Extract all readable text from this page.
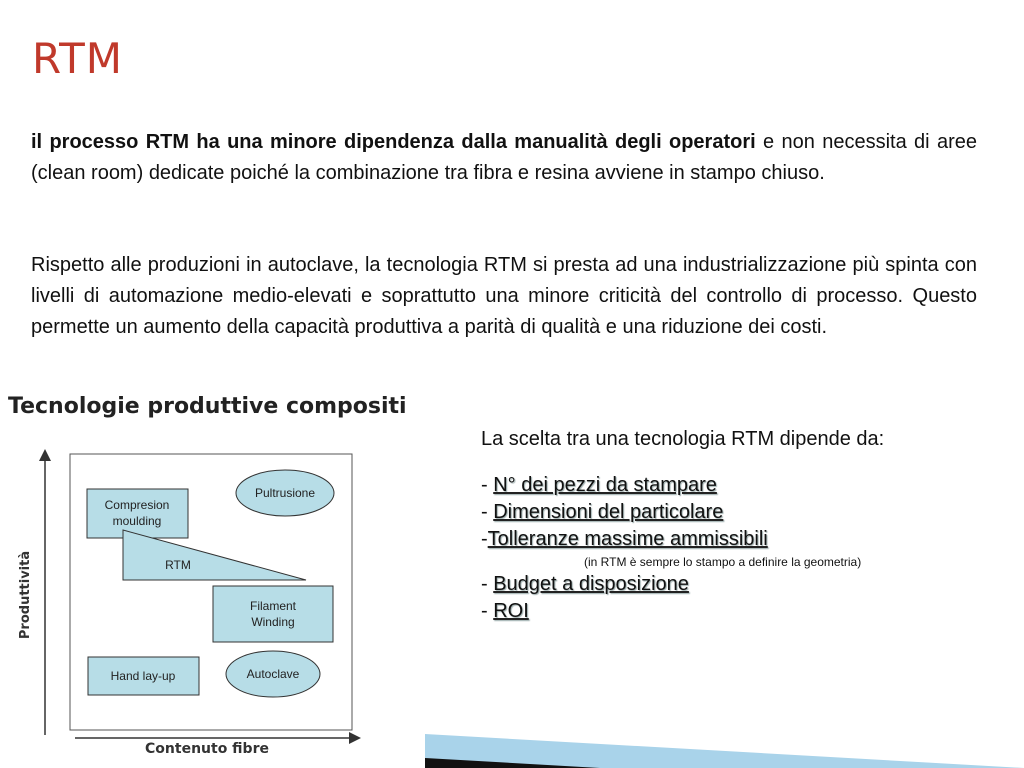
RTM

il processo RTM ha una minore dipendenza dalla manualità degli operatori e non necessita di aree (clean room) dedicate poiché la combinazione tra fibra e resina avviene in stampo chiuso.

Rispetto alle produzioni in autoclave, la tecnologia RTM si presta ad una industrializzazione più spinta con livelli di automazione medio-elevati e soprattutto una minore criticità del controllo di processo. Questo permette un aumento della capacità produttiva a parità di qualità e una riduzione dei costi.

Tecnologie produttive compositi
Produttività
Contenuto fibre
Compresion
moulding
Pultrusione
RTM
Filament
Winding
Hand lay-up	Autoclave

La scelta tra una tecnologia RTM dipende da:

- N° dei pezzi da stampare
- Dimensioni del particolare
-Tolleranze massime ammissibili
(in RTM è sempre lo stampo a definire la geometria)
- Budget a disposizione
- ROI
